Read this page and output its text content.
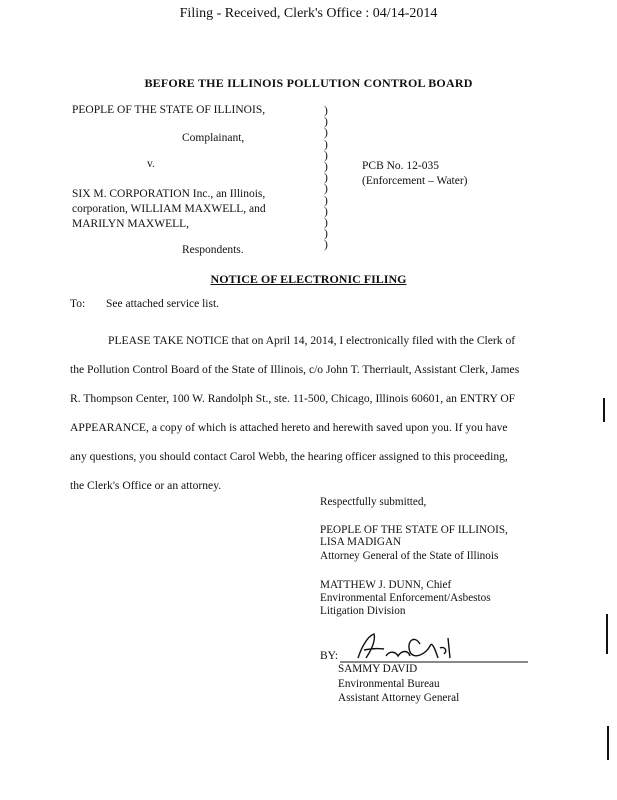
Filing - Received, Clerk's Office : 04/14-2014
BEFORE THE ILLINOIS POLLUTION CONTROL BOARD
PEOPLE OF THE STATE OF ILLINOIS,
Complainant,
v.
SIX M. CORPORATION Inc., an Illinois,
corporation, WILLIAM MAXWELL, and
MARILYN MAXWELL,
Respondents.
)
)
)
)
)
)
)
)
)
)
)
)
)
PCB No. 12-035
(Enforcement – Water)
NOTICE OF ELECTRONIC FILING
To: See attached service list.

PLEASE TAKE NOTICE that on April 14, 2014, I electronically filed with the Clerk of

the Pollution Control Board of the State of Illinois, c/o John T. Therriault, Assistant Clerk, James

R. Thompson Center, 100 W. Randolph St., ste. 11-500, Chicago, Illinois 60601, an ENTRY OF

APPEARANCE, a copy of which is attached hereto and herewith saved upon you. If you have

any questions, you should contact Carol Webb, the hearing officer assigned to this proceeding,

the Clerk's Office or an attorney.

Respectfully submitted,
PEOPLE OF THE STATE OF ILLINOIS,
LISA MADIGAN
Attorney General of the State of Illinois
MATTHEW J. DUNN, Chief
Environmental Enforcement/Asbestos
Litigation Division
BY:
SAMMY DAVID
Environmental Bureau
Assistant Attorney General
